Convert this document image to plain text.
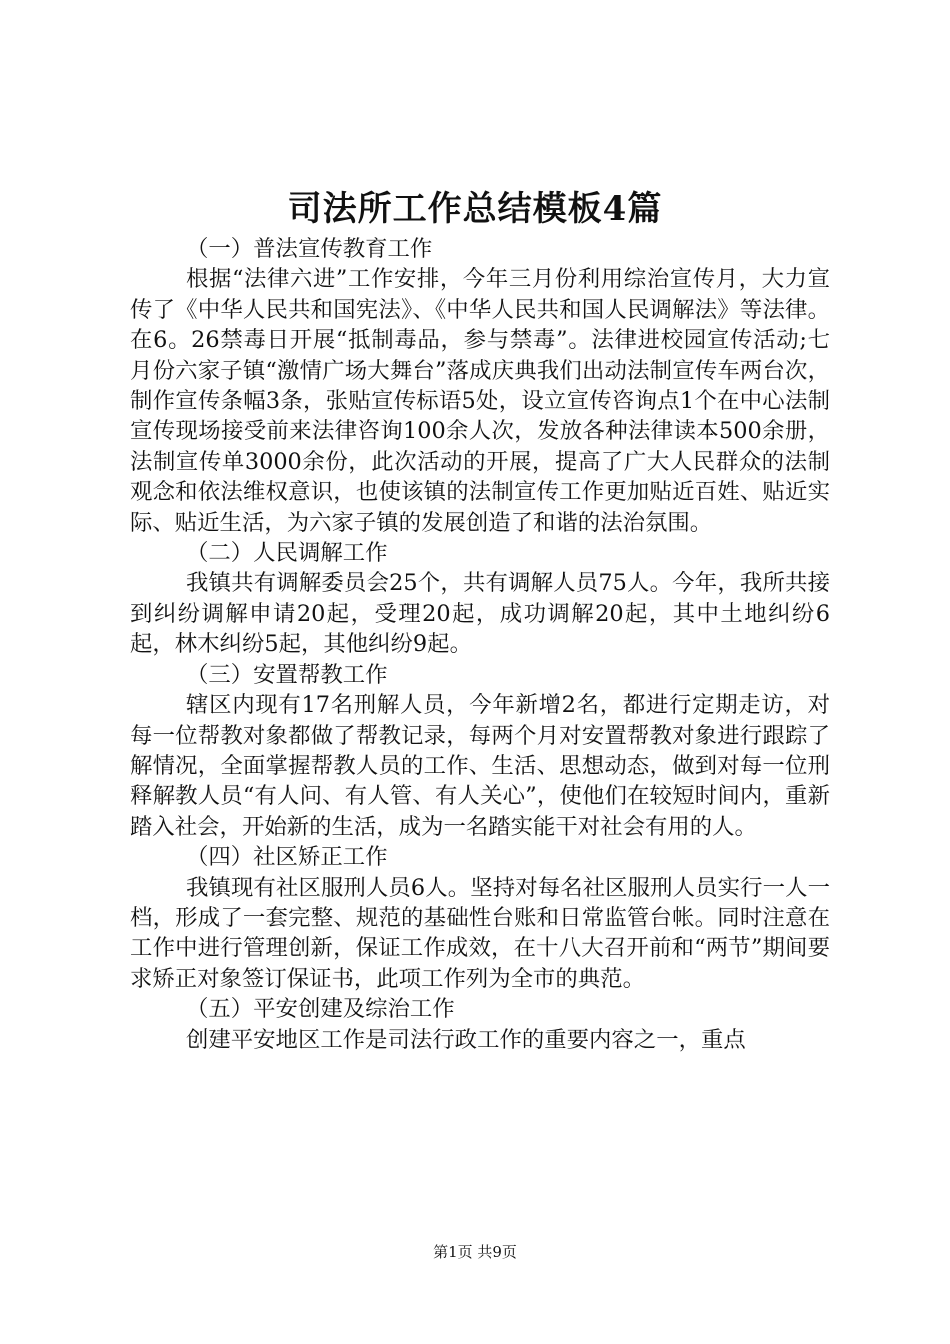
司法所工作总结模板4篇
（一）普法宣传教育工作

根据“法律六进”工作安排，今年三月份利用综治宣传月，大力宣传了《中华人民共和国宪法》、《中华人民共和国人民调解法》等法律。在6。26禁毒日开展“抵制毒品，参与禁毒”。法律进校园宣传活动;七月份六家子镇“激情广场大舞台”落成庆典我们出动法制宣传车两台次，制作宣传条幅3条，张贴宣传标语5处，设立宣传咨询点1个在中心法制宣传现场接受前来法律咨询100余人次，发放各种法律读本500余册，法制宣传单3000余份，此次活动的开展，提高了广大人民群众的法制观念和依法维权意识，也使该镇的法制宣传工作更加贴近百姓、贴近实际、贴近生活，为六家子镇的发展创造了和谐的法治氛围。

（二）人民调解工作

我镇共有调解委员会25个，共有调解人员75人。今年，我所共接到纠纷调解申请20起，受理20起，成功调解20起，其中土地纠纷6起，林木纠纷5起，其他纠纷9起。

（三）安置帮教工作

辖区内现有17名刑解人员，今年新增2名，都进行定期走访，对每一位帮教对象都做了帮教记录，每两个月对安置帮教对象进行跟踪了解情况，全面掌握帮教人员的工作、生活、思想动态，做到对每一位刑释解教人员“有人问、有人管、有人关心”，使他们在较短时间内，重新踏入社会，开始新的生活，成为一名踏实能干对社会有用的人。

（四）社区矫正工作

我镇现有社区服刑人员6人。坚持对每名社区服刑人员实行一人一档，形成了一套完整、规范的基础性台账和日常监管台帐。同时注意在工作中进行管理创新，保证工作成效，在十八大召开前和“两节”期间要求矫正对象签订保证书，此项工作列为全市的典范。

（五）平安创建及综治工作

创建平安地区工作是司法行政工作的重要内容之一，重点

第1页 共9页
